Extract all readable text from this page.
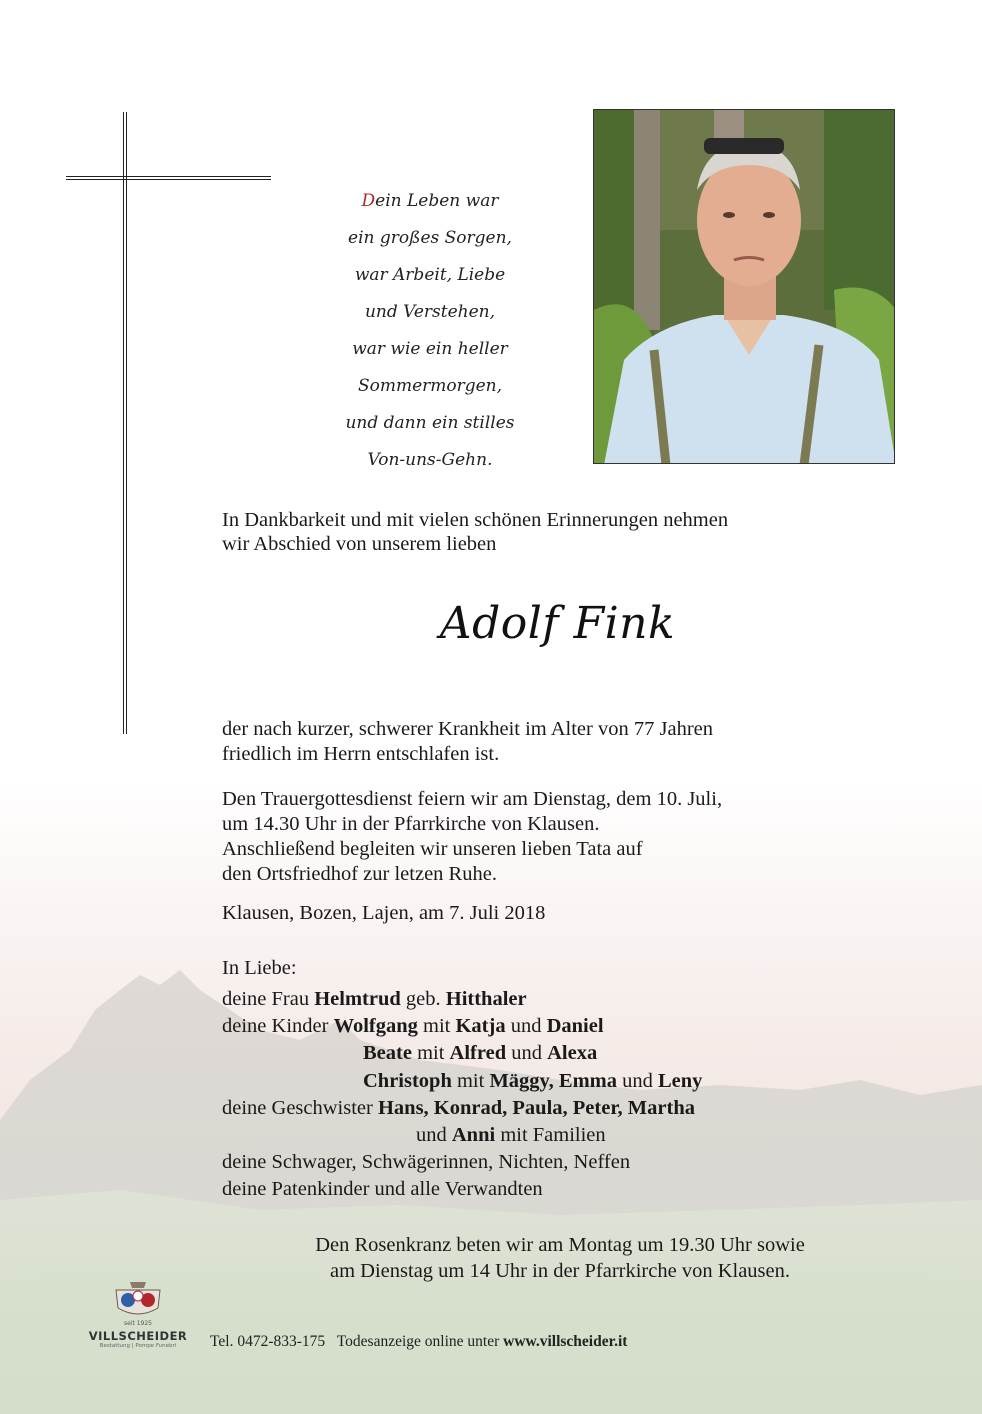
Dein Leben war
ein großes Sorgen,
war Arbeit, Liebe
und Verstehen,
war wie ein heller
Sommermorgen,
und dann ein stilles
Von-uns-Gehn.
In Dankbarkeit und mit vielen schönen Erinnerungen nehmen
wir Abschied von unserem lieben
Adolf Fink
der nach kurzer, schwerer Krankheit im Alter von 77 Jahren
friedlich im Herrn entschlafen ist.
Den Trauergottesdienst feiern wir am Dienstag, dem 10. Juli,
um 14.30 Uhr in der Pfarrkirche von Klausen.
Anschließend begleiten wir unseren lieben Tata auf
den Ortsfriedhof zur letzen Ruhe.
Klausen, Bozen, Lajen, am 7. Juli 2018
In Liebe:
deine Frau Helmtrud geb. Hitthaler
deine Kinder Wolfgang mit Katja und Daniel
Beate mit Alfred und Alexa
Christoph mit Mäggy, Emma und Leny
deine Geschwister Hans, Konrad, Paula, Peter, Martha
und Anni mit Familien
deine Schwager, Schwägerinnen, Nichten, Neffen
deine Patenkinder und alle Verwandten
Den Rosenkranz beten wir am Montag um 19.30 Uhr sowie
am Dienstag um 14 Uhr in der Pfarrkirche von Klausen.
seit 1925
VILLSCHEIDER
Bestattung | Pompe Funebri	Tel. 0472-833-175 Todesanzeige online unter www.villscheider.it
